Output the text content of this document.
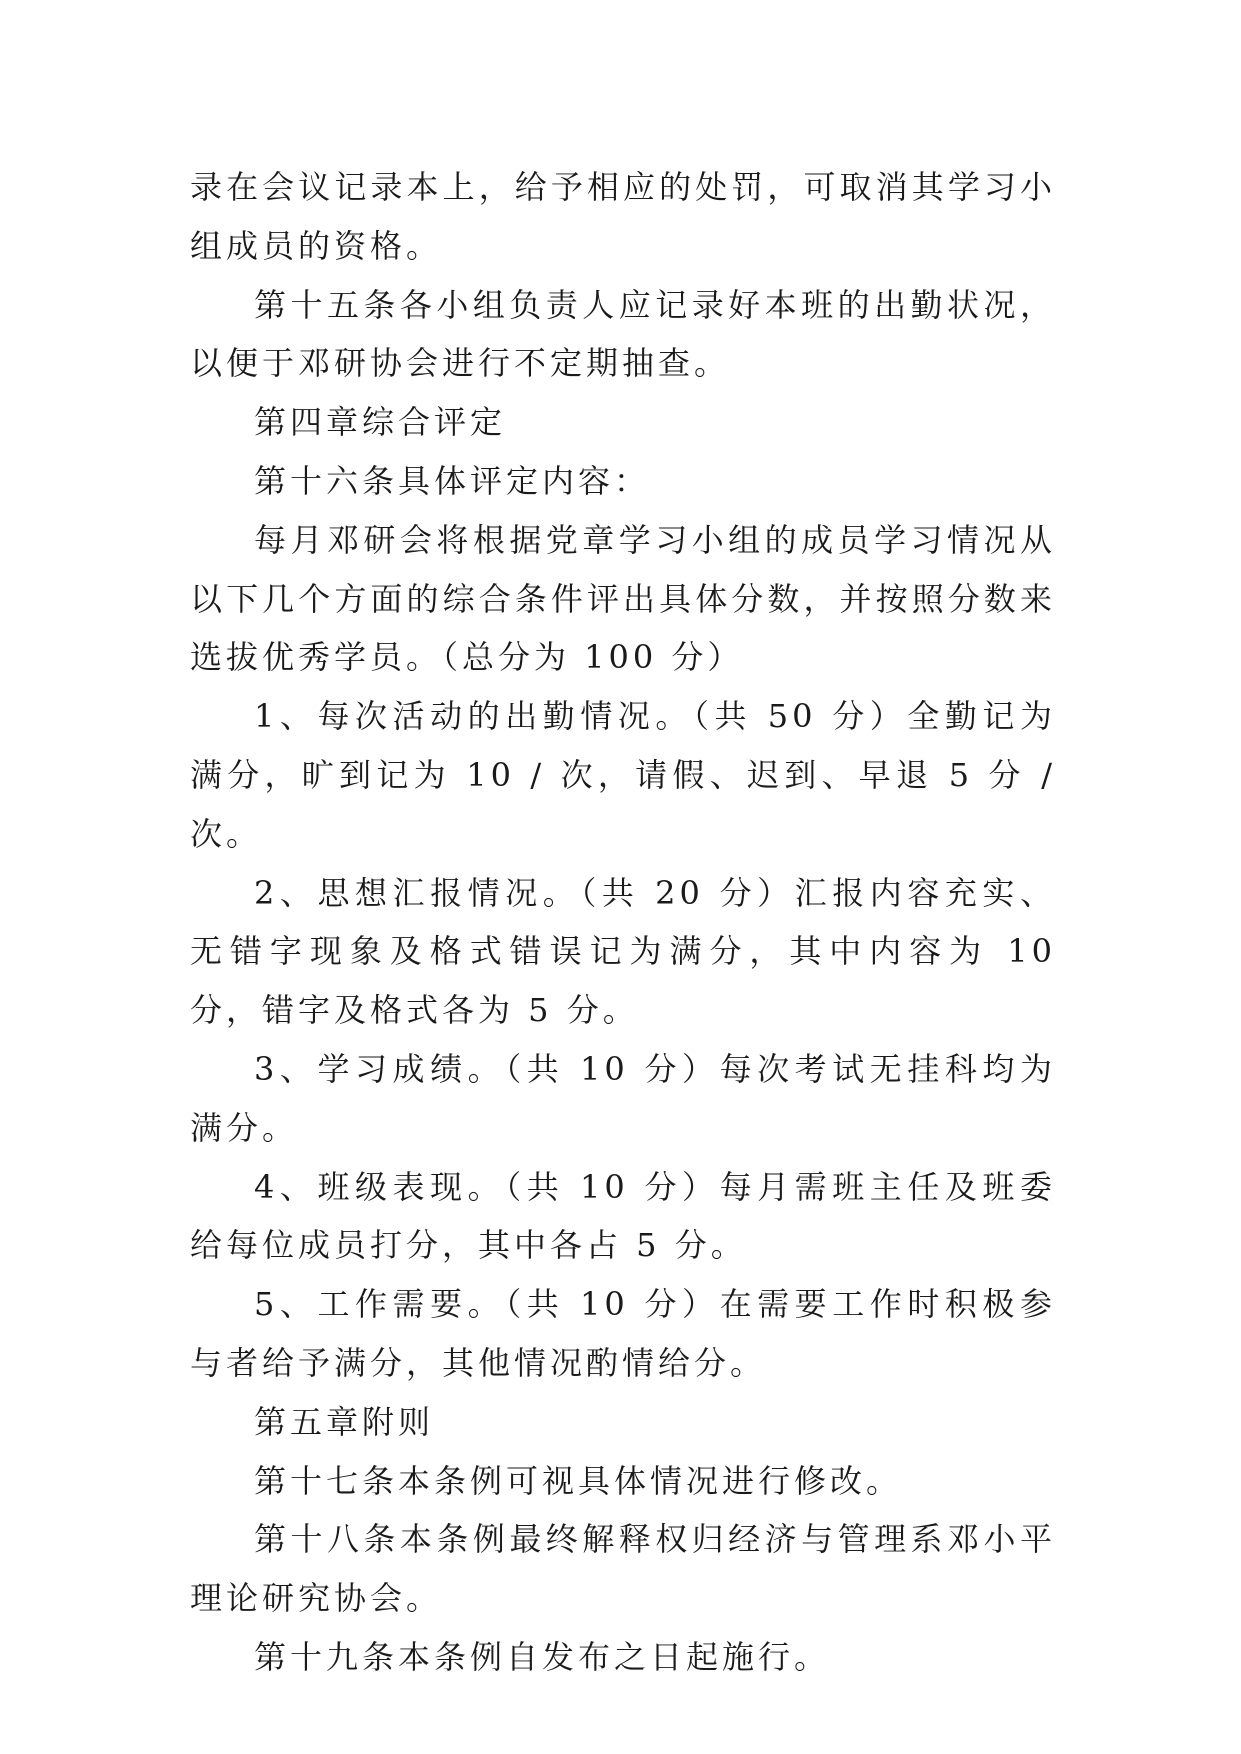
录在会议记录本上，给予相应的处罚，可取消其学习小组成员的资格。

第十五条各小组负责人应记录好本班的出勤状况，以便于邓研协会进行不定期抽查。

第四章综合评定

第十六条具体评定内容：

每月邓研会将根据党章学习小组的成员学习情况从以下几个方面的综合条件评出具体分数，并按照分数来选拔优秀学员。（总分为 100 分）

1、每次活动的出勤情况。（共 50 分）全勤记为满分，旷到记为 10 / 次，请假、迟到、早退 5 分 / 次。

2、思想汇报情况。（共 20 分）汇报内容充实、无错字现象及格式错误记为满分，其中内容为 10 分，错字及格式各为 5 分。

3、学习成绩。（共 10 分）每次考试无挂科均为满分。

4、班级表现。（共 10 分）每月需班主任及班委给每位成员打分，其中各占 5 分。

5、工作需要。（共 10 分）在需要工作时积极参与者给予满分，其他情况酌情给分。

第五章附则

第十七条本条例可视具体情况进行修改。

第十八条本条例最终解释权归经济与管理系邓小平理论研究协会。

第十九条本条例自发布之日起施行。
